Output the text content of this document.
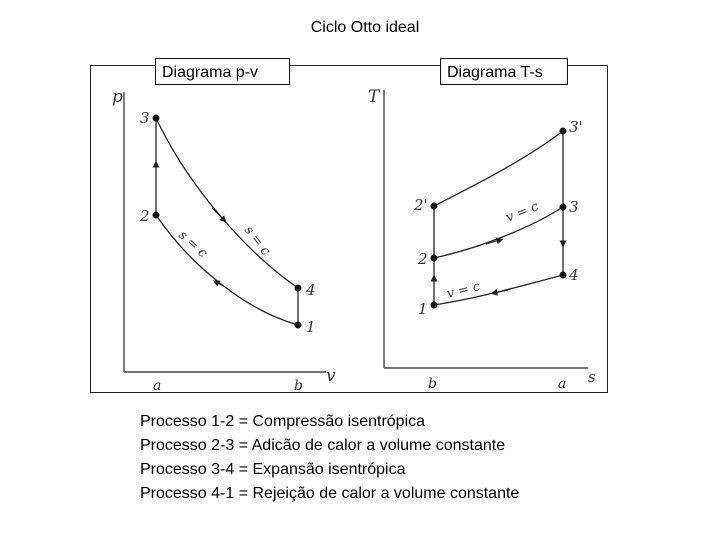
Ciclo Otto ideal
p
v
a	b
3
2
4
1
s = c
s = c
T
s
b	a
1
2
2'	3
3'
4
v = c
v = c
Diagrama p-v	Diagrama T-s
Processo 1-2 = Compressão isentrópica
Processo 2-3 = Adicão de calor a volume constante
Processo 3-4 = Expansão isentrópica
Processo 4-1 = Rejeição de calor a volume constante
